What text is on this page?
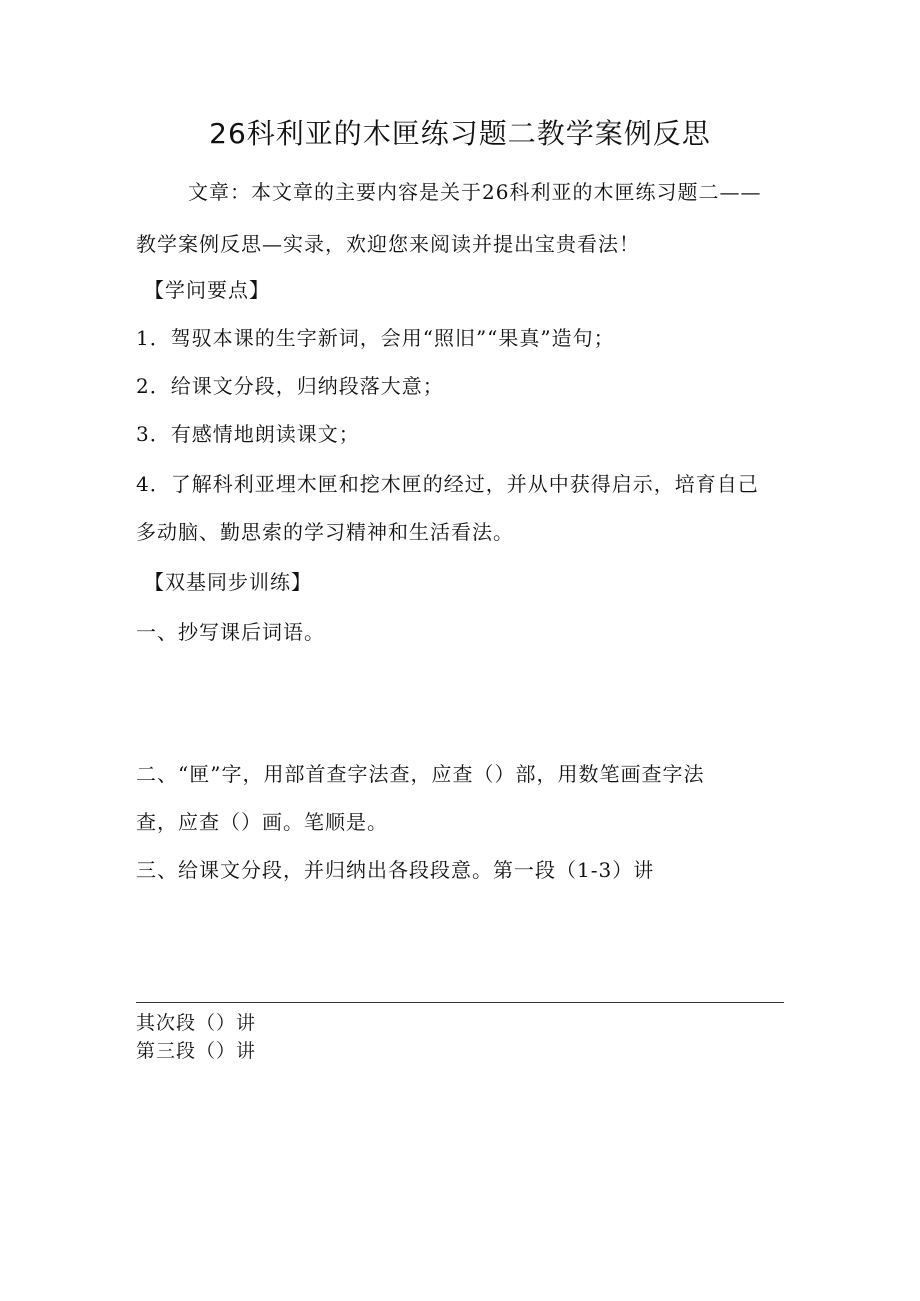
26科利亚的木匣练习题二教学案例反思

文章：本文章的主要内容是关于26科利亚的木匣练习题二——

教学案例反思—实录，欢迎您来阅读并提出宝贵看法！

【学问要点】

1．驾驭本课的生字新词，会用“照旧”“果真”造句；

2．给课文分段，归纳段落大意；

3．有感情地朗读课文；

4．了解科利亚埋木匣和挖木匣的经过，并从中获得启示，培育自己

多动脑、勤思索的学习精神和生活看法。

【双基同步训练】

一、抄写课后词语。

二、“匣”字，用部首查字法查，应查（）部，用数笔画查字法

查，应查（）画。笔顺是。

三、给课文分段，并归纳出各段段意。第一段（1-3）讲

其次段（）讲

第三段（）讲
